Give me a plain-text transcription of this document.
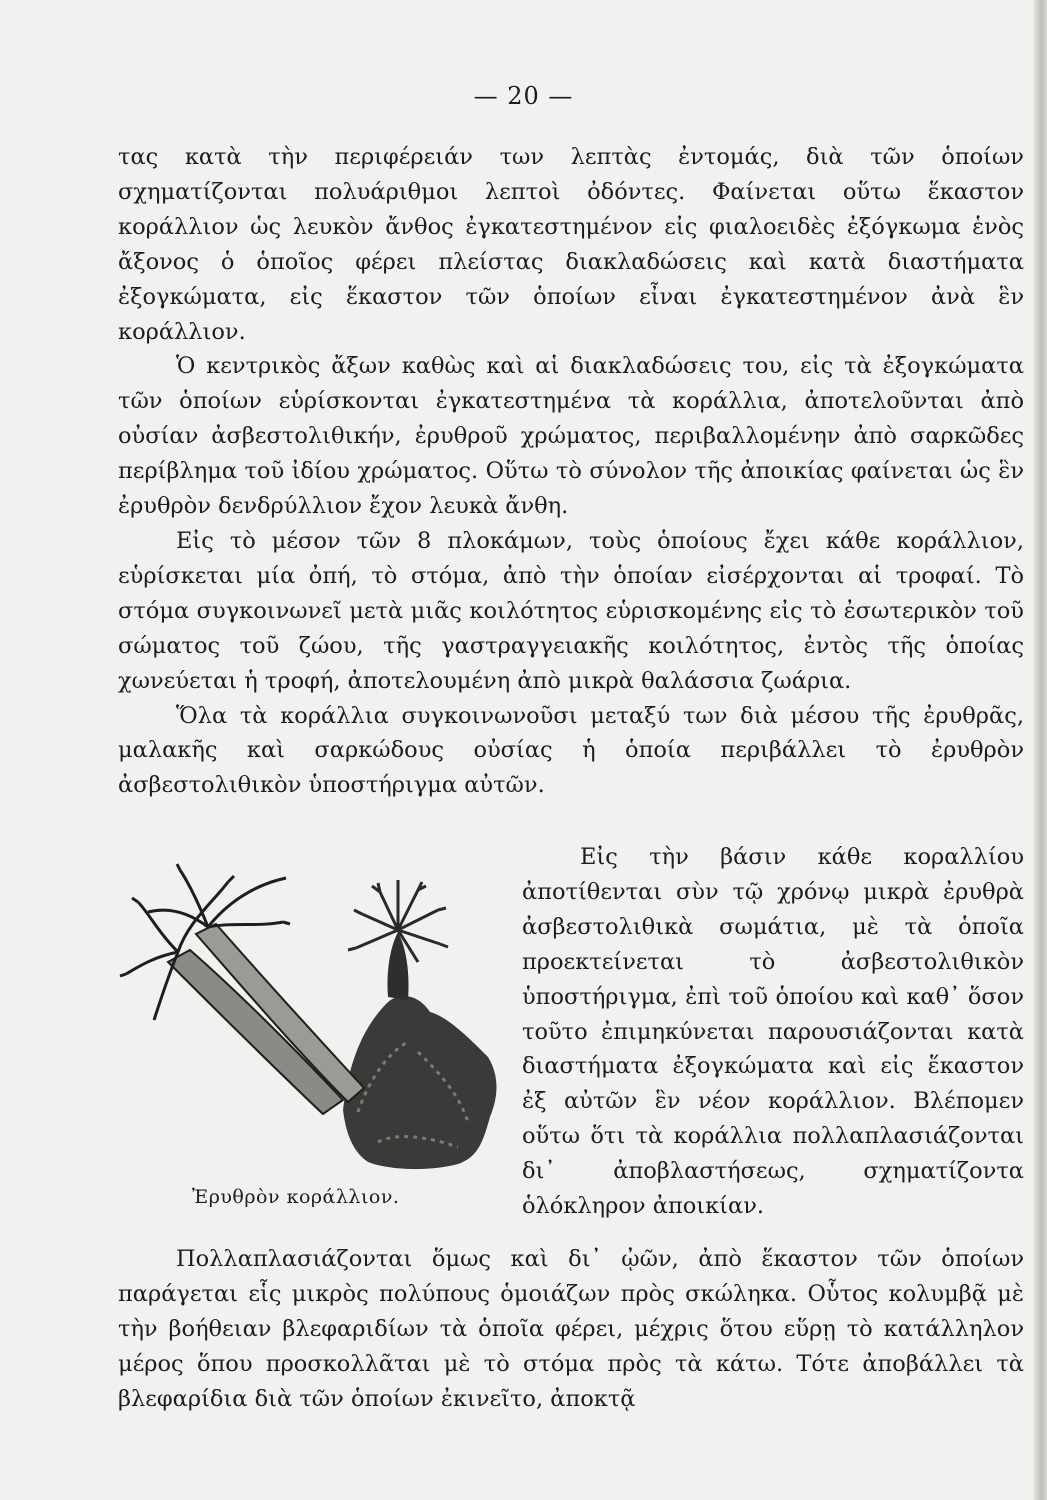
— 20 —

τας κατὰ τὴν περιφέρειάν των λεπτὰς ἐντομάς, διὰ τῶν ὁποίων σχηματίζονται πολυάριθμοι λεπτοὶ ὀδόντες. Φαίνεται οὕτω ἕκαστον κοράλλιον ὡς λευκὸν ἄνθος ἐγκατεστημένον εἰς φιαλοειδὲς ἐξόγκωμα ἑνὸς ἄξονος ὁ ὁποῖος φέρει πλείστας διακλαδώσεις καὶ κατὰ διαστήματα ἐξογκώματα, εἰς ἕκαστον τῶν ὁποίων εἶναι ἐγκατεστημένον ἀνὰ ἓν κοράλλιον.

Ὁ κεντρικὸς ἄξων καθὼς καὶ αἱ διακλαδώσεις του, εἰς τὰ ἐξογκώματα τῶν ὁποίων εὑρίσκονται ἐγκατεστημένα τὰ κοράλλια, ἀποτελοῦνται ἀπὸ οὐσίαν ἀσβεστολιθικήν, ἐρυθροῦ χρώματος, περιβαλλομένην ἀπὸ σαρκῶδες περίβλημα τοῦ ἰδίου χρώματος. Οὕτω τὸ σύνολον τῆς ἀποικίας φαίνεται ὡς ἓν ἐρυθρὸν δενδρύλλιον ἔχον λευκὰ ἄνθη.

Εἰς τὸ μέσον τῶν 8 πλοκάμων, τοὺς ὁποίους ἔχει κάθε κοράλλιον, εὑρίσκεται μία ὀπή, τὸ στόμα, ἀπὸ τὴν ὁποίαν εἰσέρχονται αἱ τροφαί. Τὸ στόμα συγκοινωνεῖ μετὰ μιᾶς κοιλότητος εὑρισκομένης εἰς τὸ ἐσωτερικὸν τοῦ σώματος τοῦ ζώου, τῆς γαστραγγειακῆς κοιλότητος, ἐντὸς τῆς ὁποίας χωνεύεται ἡ τροφή, ἀποτελουμένη ἀπὸ μικρὰ θαλάσσια ζωάρια.

Ὅλα τὰ κοράλλια συγκοινωνοῦσι μεταξύ των διὰ μέσου τῆς ἐρυθρᾶς, μαλακῆς καὶ σαρκώδους οὐσίας ἡ ὁποία περιβάλλει τὸ ἐρυθρὸν ἀσβεστολιθικὸν ὑποστήριγμα αὐτῶν.

Ἐρυθρὸν κοράλλιον.

Εἰς τὴν βάσιν κάθε κοραλλίου ἀποτίθενται σὺν τῷ χρόνῳ μικρὰ ἐρυθρὰ ἀσβεστολιθικὰ σωμάτια, μὲ τὰ ὁποῖα προεκτείνεται τὸ ἀσβεστολιθικὸν ὑποστήριγμα, ἐπὶ τοῦ ὁποίου καὶ καθ᾿ ὅσον τοῦτο ἐπιμηκύνεται παρουσιάζονται κατὰ διαστήματα ἐξογκώματα καὶ εἰς ἕκαστον ἐξ αὐτῶν ἓν νέον κοράλλιον. Βλέπομεν οὕτω ὅτι τὰ κοράλλια πολλαπλασιάζονται δι᾿ ἀποβλαστήσεως, σχηματίζοντα ὁλόκληρον ἀποικίαν.

Πολλαπλασιάζονται ὅμως καὶ δι᾿ ᾠῶν, ἀπὸ ἕκαστον τῶν ὁποίων παράγεται εἷς μικρὸς πολύπους ὁμοιάζων πρὸς σκώληκα. Οὗτος κολυμβᾷ μὲ τὴν βοήθειαν βλεφαριδίων τὰ ὁποῖα φέρει, μέχρις ὅτου εὕρῃ τὸ κατάλληλον μέρος ὅπου προσκολλᾶται μὲ τὸ στόμα πρὸς τὰ κάτω. Τότε ἀποβάλλει τὰ βλεφαρίδια διὰ τῶν ὁποίων ἐκινεῖτο, ἀποκτᾷ
